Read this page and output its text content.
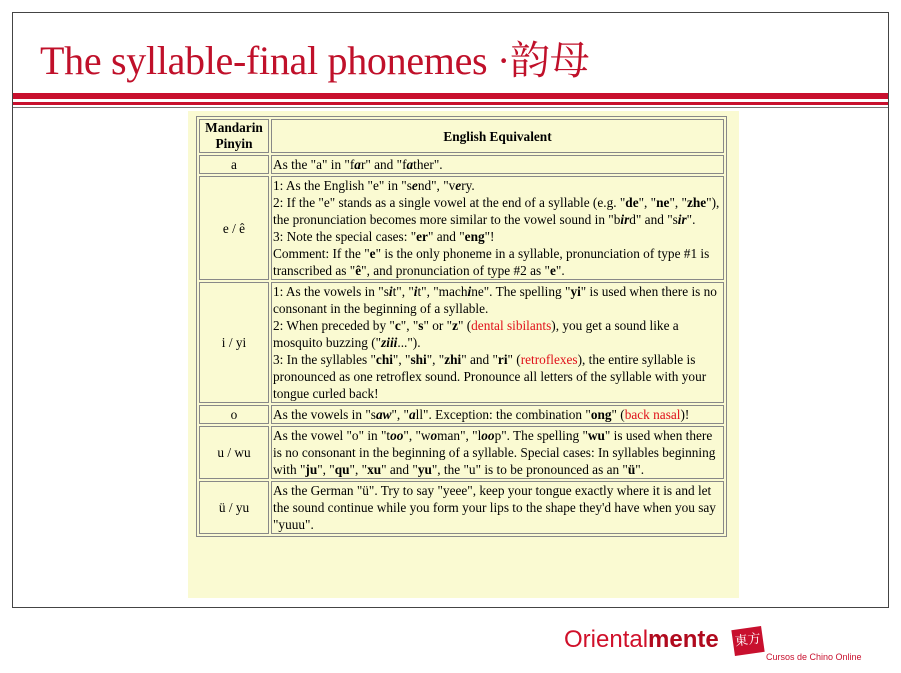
The syllable-final phonemes ·韵母
Mandarin Pinyin	English Equivalent
a	As the "a" in "far" and "father".
e / ê	1: As the English "e" in "send", "very.
2: If the "e" stands as a single vowel at the end of a syllable (e.g. "de", "ne", "zhe"), the pronunciation becomes more similar to the vowel sound in "bird" and "sir".
3: Note the special cases: "er" and "eng"!
Comment: If the "e" is the only phoneme in a syllable, pronunciation of type #1 is transcribed as "ê", and pronunciation of type #2 as "e".
i / yi	1: As the vowels in "sit", "it", "machine". The spelling "yi" is used when there is no consonant in the beginning of a syllable.
2: When preceded by "c", "s" or "z" (dental sibilants), you get a sound like a mosquito buzzing ("ziii...").
3: In the syllables "chi", "shi", "zhi" and "ri" (retroflexes), the entire syllable is pronounced as one retroflex sound. Pronounce all letters of the syllable with your tongue curled back!
o	As the vowels in "saw", "all". Exception: the combination "ong" (back nasal)!
u / wu	As the vowel "o" in "too", "woman", "loop". The spelling "wu" is used when there is no consonant in the beginning of a syllable. Special cases: In syllables beginning with "ju", "qu", "xu" and "yu", the "u" is to be pronounced as an "ü".
ü / yu	As the German "ü". Try to say "yeee", keep your tongue exactly where it is and let the sound continue while you form your lips to the shape they'd have when you say "yuuu".
Orientalmente 東方
Cursos de Chino Online
